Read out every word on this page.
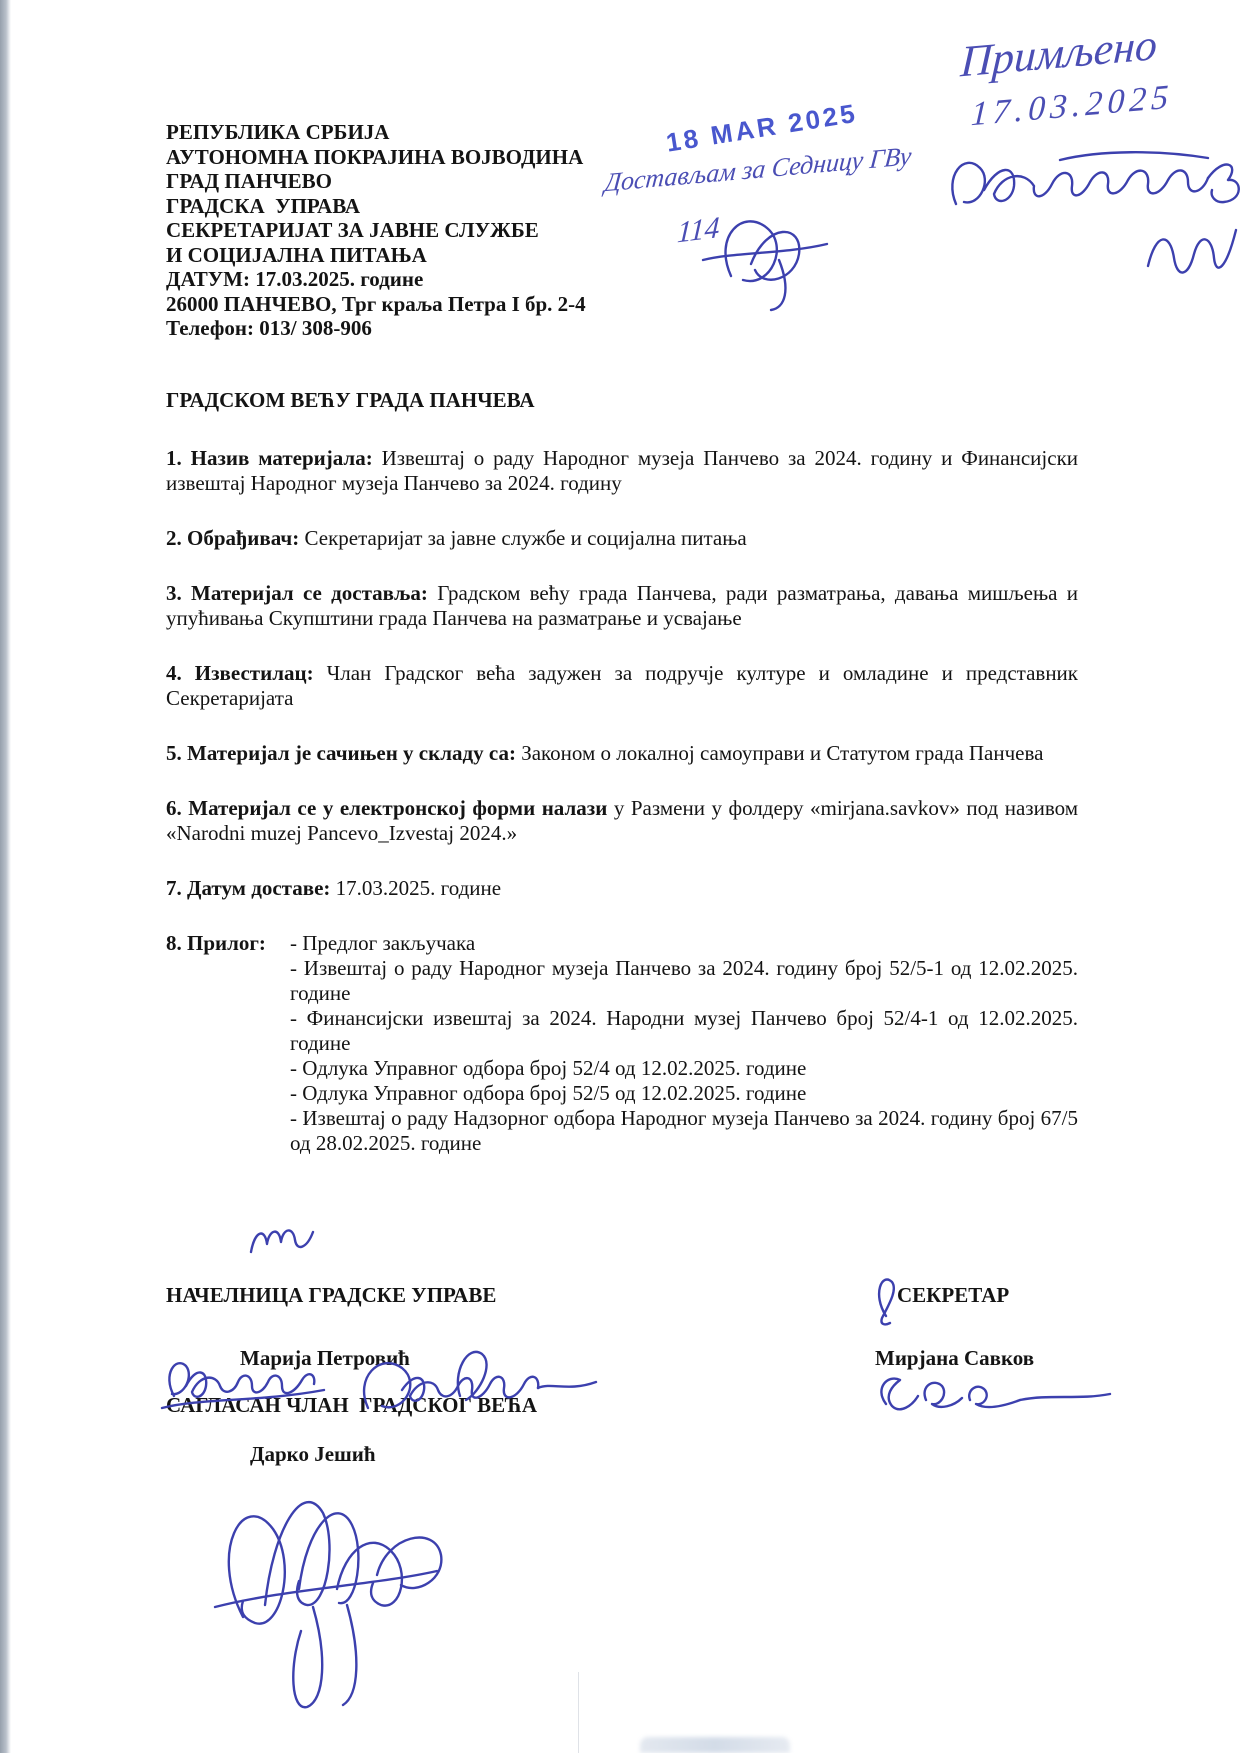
РЕПУБЛИКА СРБИЈА
АУТОНОМНА ПОКРАЈИНА ВОЈВОДИНА
ГРАД ПАНЧЕВО
ГРАДСКА  УПРАВА
СЕКРЕТАРИЈАТ ЗА ЈАВНЕ СЛУЖБЕ
И СОЦИЈАЛНА ПИТАЊА
ДАТУМ: 17.03.2025. године
26000 ПАНЧЕВО, Трг краља Петра I бр. 2-4
Телефон: 013/ 308-906

ГРАДСКОМ ВЕЋУ ГРАДА ПАНЧЕВА

1. Назив материјала: Извештај о раду Народног музеја Панчево за 2024. годину и Финансијски извештај Народног музеја Панчево за 2024. годину

2. Обрађивач: Секретаријат за јавне службе и социјална питања

3. Материјал се доставља: Градском већу града Панчева, ради разматрања, давања мишљења и упућивања Скупштини града Панчева на разматрање и усвајање

4. Известилац: Члан Градског већа задужен за подручје културе и омладине и представник Секретаријата

5. Материјал је сачињен у складу са: Законом о локалној самоуправи и Статутом града Панчева

6. Материјал се у електронској форми налази у Размени у фолдеру «mirjana.savkov» под називом «Narodni muzej Pancevo_Izvestaj 2024.»

7. Датум доставе: 17.03.2025. године

8. Прилог:	- Предлог закључака

- Извештај о раду Народног музеја Панчево за 2024. годину број 52/5-1 од 12.02.2025. године

- Финансијски извештај за 2024. Народни музеј Панчево број 52/4-1 од 12.02.2025. године

- Одлука Управног одбора број 52/4 од 12.02.2025. године

- Одлука Управног одбора број 52/5 од 12.02.2025. године

- Извештај о раду Надзорног одбора Народног музеја Панчево за 2024. годину број 67/5 од 28.02.2025. године

НАЧЕЛНИЦА ГРАДСКЕ УПРАВЕ	СЕКРЕТАР
Марија Петровић	Мирјана Савков
САГЛАСАН ЧЛАН  ГРАДСКОГ ВЕЋА
Дарко Јешић
18 MAR 2025
Примљено
17.03.2025
Достављам за Седницу ГВу
114
